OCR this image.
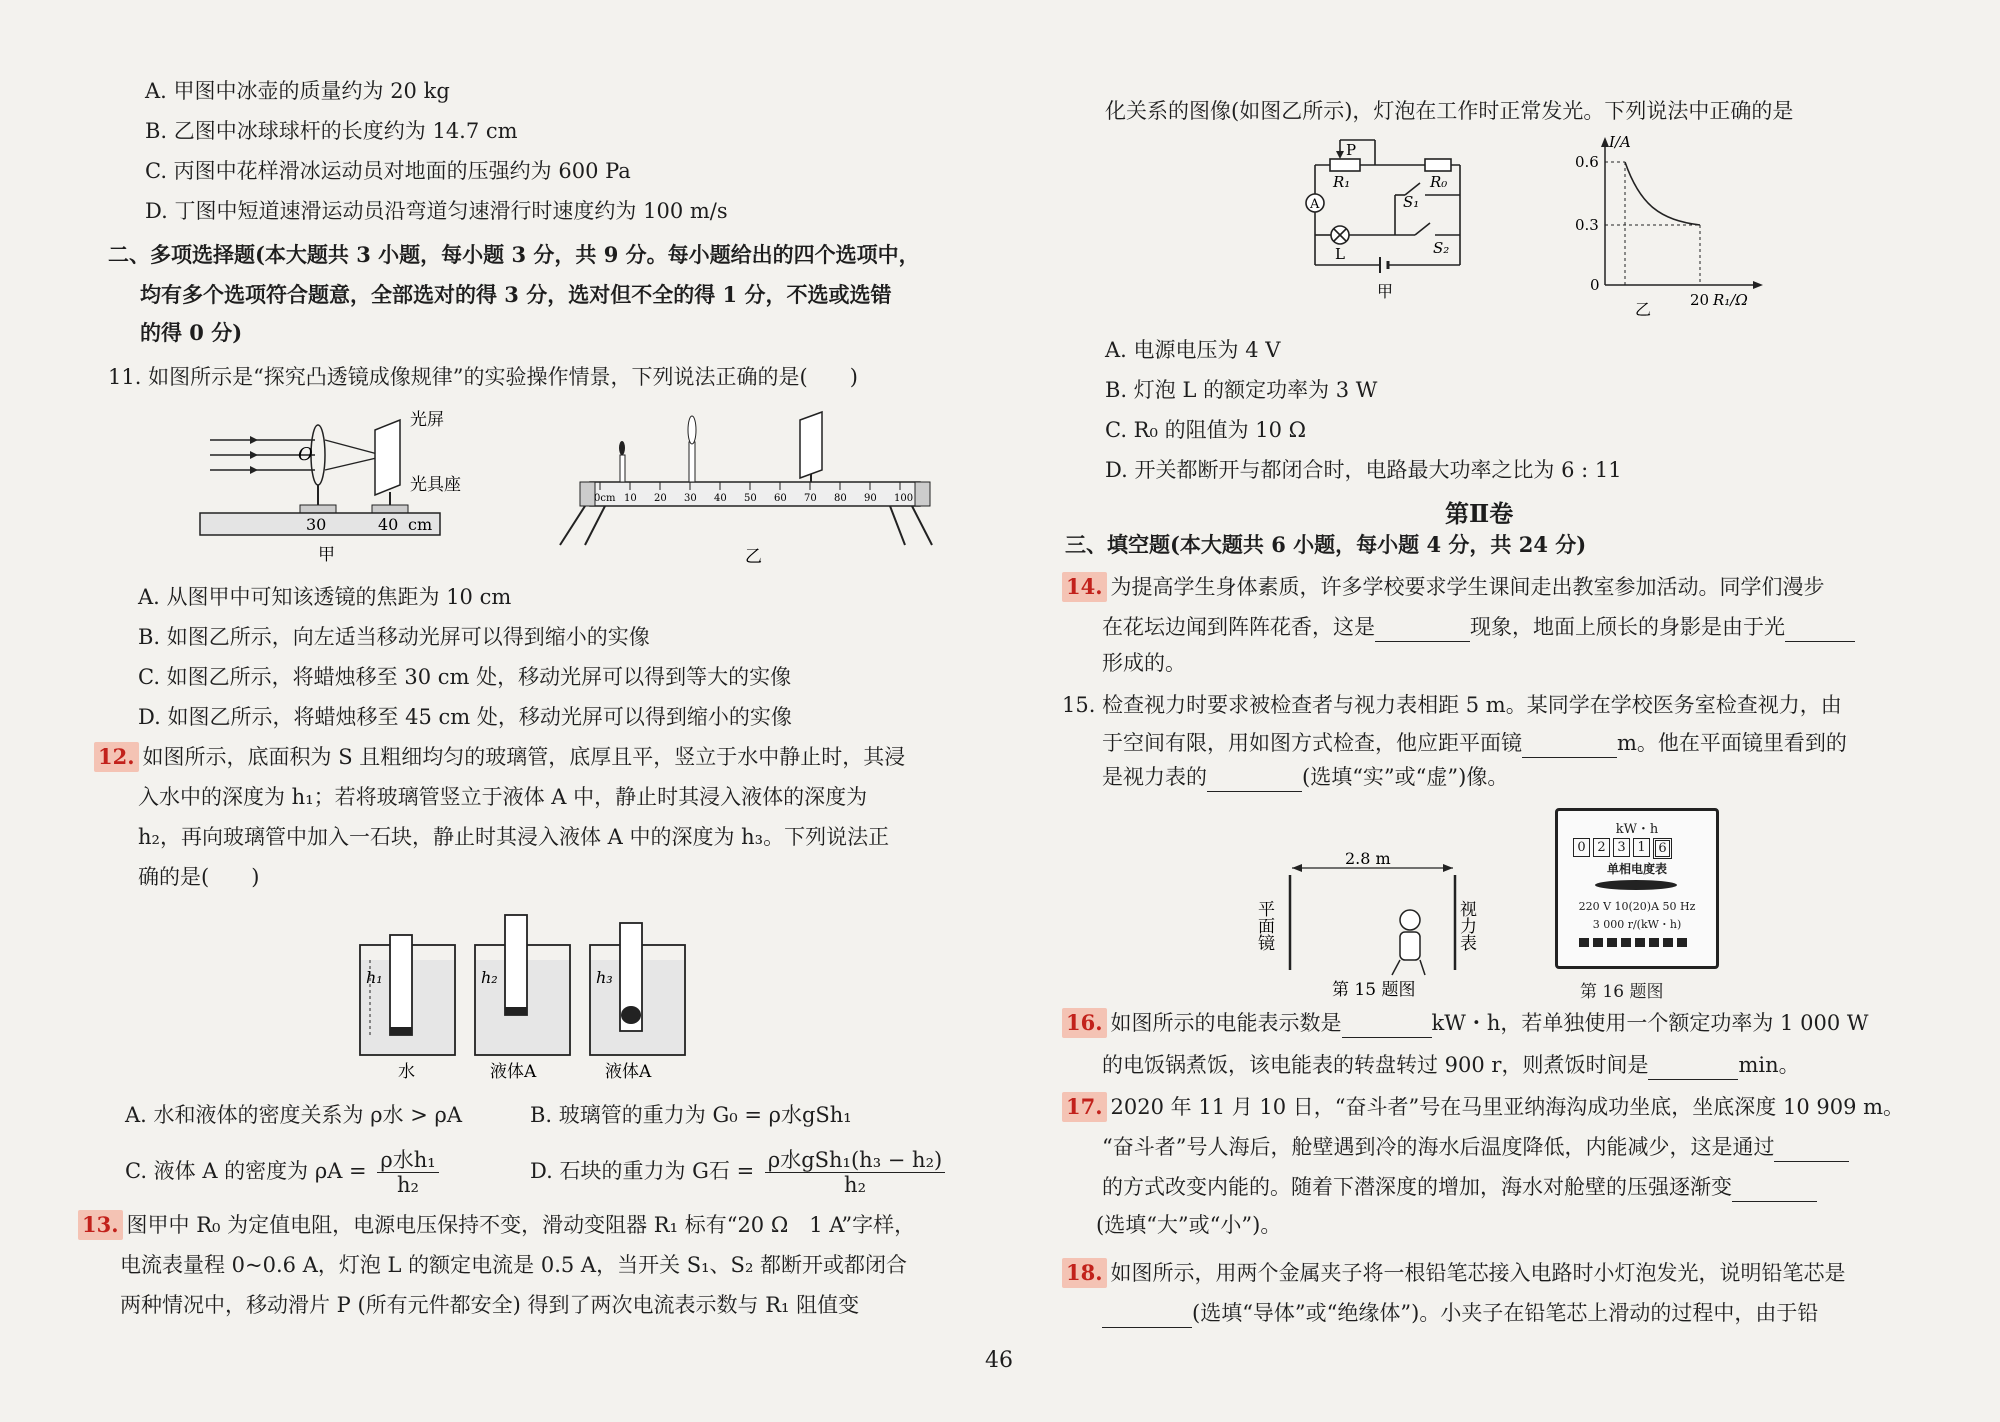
A. 甲图中冰壶的质量约为 20 kg
B. 乙图中冰球球杆的长度约为 14.7 cm
C. 丙图中花样滑冰运动员对地面的压强约为 600 Pa
D. 丁图中短道速滑运动员沿弯道匀速滑行时速度约为 100 m/s
二、多项选择题(本大题共 3 小题，每小题 3 分，共 9 分。每小题给出的四个选项中，
均有多个选项符合题意，全部选对的得 3 分，选对但不全的得 1 分，不选或选错
的得 0 分)
11. 如图所示是“探究凸透镜成像规律”的实验操作情景，下列说法正确的是(　　)
O
光屏
光具座
30	40 cm
甲
0cm 10 20 30 40 50 60 70 80 90 100
乙
A. 从图甲中可知该透镜的焦距为 10 cm
B. 如图乙所示，向左适当移动光屏可以得到缩小的实像
C. 如图乙所示，将蜡烛移至 30 cm 处，移动光屏可以得到等大的实像
D. 如图乙所示，将蜡烛移至 45 cm 处，移动光屏可以得到缩小的实像
12. 如图所示，底面积为 S 且粗细均匀的玻璃管，底厚且平，竖立于水中静止时，其浸
入水中的深度为 h₁；若将玻璃管竖立于液体 A 中，静止时其浸入液体的深度为
h₂，再向玻璃管中加入一石块，静止时其浸入液体 A 中的深度为 h₃。下列说法正
确的是(　　)
h₁
水
h₂
液体A
h₃
液体A
A. 水和液体的密度关系为 ρ水 > ρA	B. 玻璃管的重力为 G₀ = ρ水gSh₁
C. 液体 A 的密度为 ρA = ρ水h₁
h₂
D. 石块的重力为 G石 = ρ水gSh₁(h₃ − h₂)
h₂
13. 图甲中 R₀ 为定值电阻，电源电压保持不变，滑动变阻器 R₁ 标有“20 Ω　1 A”字样，
电流表量程 0~0.6 A，灯泡 L 的额定电流是 0.5 A，当开关 S₁、S₂ 都断开或都闭合
两种情况中，移动滑片 P (所有元件都安全) 得到了两次电流表示数与 R₁ 阻值变
46
化关系的图像(如图乙所示)，灯泡在工作时正常发光。下列说法中正确的是
P
R₁	R₀
S₁
S₂
A
L
甲
I/A
0.6
0.3
0
20 R₁/Ω
乙
A. 电源电压为 4 V
B. 灯泡 L 的额定功率为 3 W
C. R₀ 的阻值为 10 Ω
D. 开关都断开与都闭合时，电路最大功率之比为 6 : 11
第Ⅱ卷
三、填空题(本大题共 6 小题，每小题 4 分，共 24 分)
14. 为提高学生身体素质，许多学校要求学生课间走出教室参加活动。同学们漫步
在花坛边闻到阵阵花香，这是	现象，地面上颀长的身影是由于光
形成的。
15. 检查视力时要求被检查者与视力表相距 5 m。某同学在学校医务室检查视力，由
于空间有限，用如图方式检查，他应距平面镜	m。他在平面镜里看到的
是视力表的	(选填“实”或“虚”)像。
2.8 m
平面镜	视力表
第 15 题图
kW・h
0 2 3 1 6
单相电度表
220 V 10(20)A 50 Hz
3 000 r/(kW・h)
第 16 题图
16. 如图所示的电能表示数是	kW・h，若单独使用一个额定功率为 1 000 W
的电饭锅煮饭，该电能表的转盘转过 900 r，则煮饭时间是	min。
17. 2020 年 11 月 10 日，“奋斗者”号在马里亚纳海沟成功坐底，坐底深度 10 909 m。
“奋斗者”号人海后，舱壁遇到冷的海水后温度降低，内能减少，这是通过
的方式改变内能的。随着下潜深度的增加，海水对舱壁的压强逐渐变
(选填“大”或“小”)。
18. 如图所示，用两个金属夹子将一根铅笔芯接入电路时小灯泡发光，说明铅笔芯是
(选填“导体”或“绝缘体”)。小夹子在铅笔芯上滑动的过程中，由于铅
